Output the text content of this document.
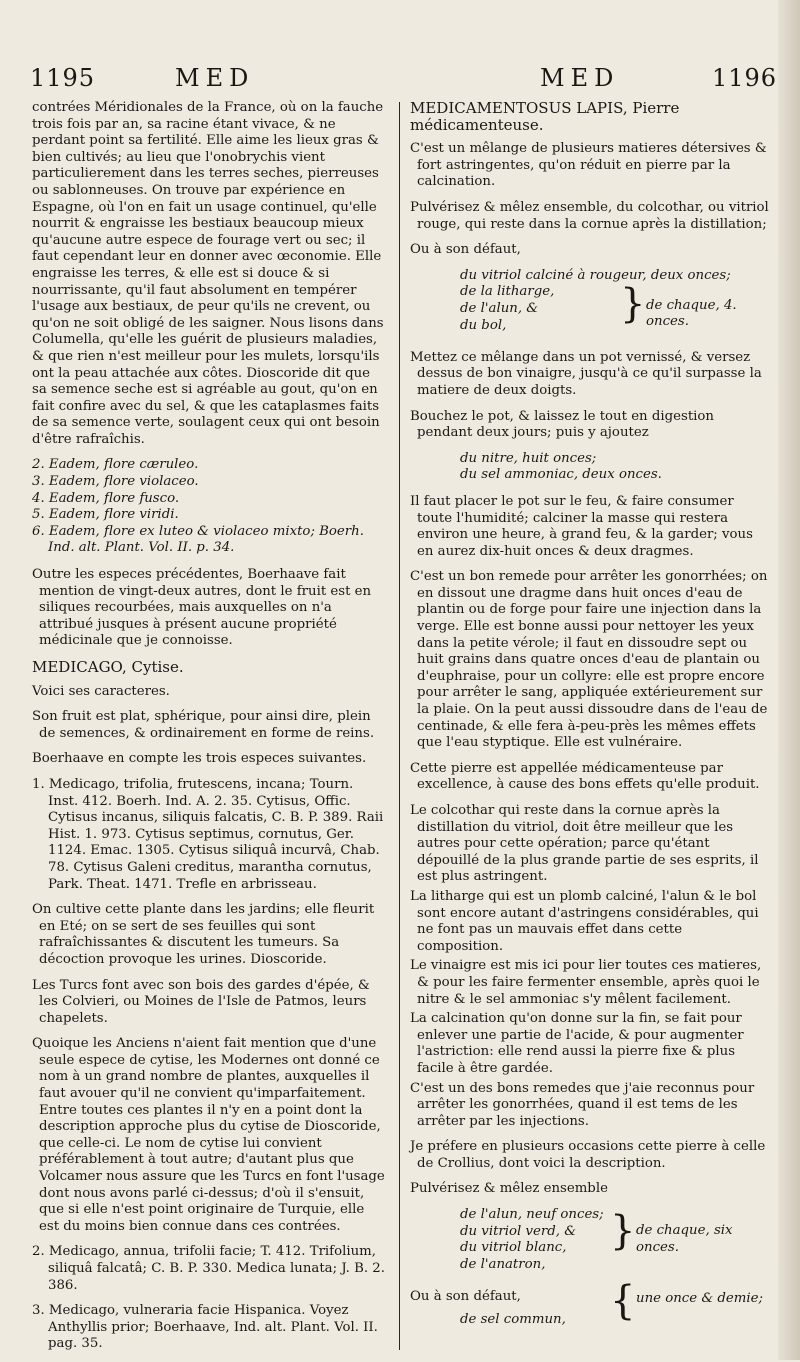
1195	MED	MED	1196

contrées Méridionales de la France, où on la fauche trois fois par an, sa racine étant vivace, & ne perdant point sa fertilité. Elle aime les lieux gras & bien cultivés; au lieu que l'onobrychis vient particulierement dans les terres seches, pierreuses ou sablonneuses. On trouve par expérience en Espagne, où l'on en fait un usage continuel, qu'elle nourrit & engraisse les bestiaux beaucoup mieux qu'aucune autre espece de fourage vert ou sec; il faut cependant leur en donner avec œconomie. Elle engraisse les terres, & elle est si douce & si nourrissante, qu'il faut absolument en tempérer l'usage aux bestiaux, de peur qu'ils ne crevent, ou qu'on ne soit obligé de les saigner. Nous lisons dans Columella, qu'elle les guérit de plusieurs maladies, & que rien n'est meilleur pour les mulets, lorsqu'ils ont la peau attachée aux côtes. Dioscoride dit que sa semence seche est si agréable au gout, qu'on en fait confire avec du sel, & que les cataplasmes faits de sa semence verte, soulagent ceux qui ont besoin d'être rafraîchis.

2. Eadem, flore cæruleo.
3. Eadem, flore violaceo.
4. Eadem, flore fusco.
5. Eadem, flore viridi.
6. Eadem, flore ex luteo & violaceo mixto; Boerh. Ind. alt. Plant. Vol. II. p. 34.

Outre les especes précédentes, Boerhaave fait mention de vingt-deux autres, dont le fruit est en siliques recourbées, mais auxquelles on n'a attribué jusques à présent aucune propriété médicinale que je connoisse.

MEDICAGO, Cytise.

Voici ses caracteres.

Son fruit est plat, sphérique, pour ainsi dire, plein de semences, & ordinairement en forme de reins.

Boerhaave en compte les trois especes suivantes.

1. Medicago, trifolia, frutescens, incana; Tourn. Inst. 412. Boerh. Ind. A. 2. 35. Cytisus, Offic. Cytisus incanus, siliquis falcatis, C. B. P. 389. Raii Hist. 1. 973. Cytisus septimus, cornutus, Ger. 1124. Emac. 1305. Cytisus siliquâ incurvâ, Chab. 78. Cytisus Galeni creditus, marantha cornutus, Park. Theat. 1471. Trefle en arbrisseau.

On cultive cette plante dans les jardins; elle fleurit en Eté; on se sert de ses feuilles qui sont rafraîchissantes & discutent les tumeurs. Sa décoction provoque les urines. Dioscoride.

Les Turcs font avec son bois des gardes d'épée, & les Colvieri, ou Moines de l'Isle de Patmos, leurs chapelets.

Quoique les Anciens n'aient fait mention que d'une seule espece de cytise, les Modernes ont donné ce nom à un grand nombre de plantes, auxquelles il faut avouer qu'il ne convient qu'imparfaitement. Entre toutes ces plantes il n'y en a point dont la description approche plus du cytise de Dioscoride, que celle-ci. Le nom de cytise lui convient préférablement à tout autre; d'autant plus que Volcamer nous assure que les Turcs en font l'usage dont nous avons parlé ci-dessus; d'où il s'ensuit, que si elle n'est point originaire de Turquie, elle est du moins bien connue dans ces contrées.

2. Medicago, annua, trifolii facie; T. 412. Trifolium, siliquâ falcatâ; C. B. P. 330. Medica lunata; J. B. 2. 386.

3. Medicago, vulneraria facie Hispanica. Voyez Anthyllis prior; Boerhaave, Ind. alt. Plant. Vol. II. pag. 35.

MEDICAMENTOSUS LAPIS, Pierre médicamenteuse.

C'est un mêlange de plusieurs matieres détersives & fort astringentes, qu'on réduit en pierre par la calcination.

Pulvérisez & mêlez ensemble, du colcothar, ou vitriol rouge, qui reste dans la cornue après la distillation;

Ou à son défaut,

du vitriol calciné à rougeur, deux onces;
de la litharge,
de l'alun, &
du bol,	} de chaque, 4. onces.

Mettez ce mêlange dans un pot vernissé, & versez dessus de bon vinaigre, jusqu'à ce qu'il surpasse la matiere de deux doigts.

Bouchez le pot, & laissez le tout en digestion pendant deux jours; puis y ajoutez

du nitre, huit onces;
du sel ammoniac, deux onces.

Il faut placer le pot sur le feu, & faire consumer toute l'humidité; calciner la masse qui restera environ une heure, à grand feu, & la garder; vous en aurez dix-huit onces & deux dragmes.

C'est un bon remede pour arrêter les gonorrhées; on en dissout une dragme dans huit onces d'eau de plantin ou de forge pour faire une injection dans la verge. Elle est bonne aussi pour nettoyer les yeux dans la petite vérole; il faut en dissoudre sept ou huit grains dans quatre onces d'eau de plantain ou d'euphraise, pour un collyre: elle est propre encore pour arrêter le sang, appliquée extérieurement sur la plaie. On la peut aussi dissoudre dans de l'eau de centinade, & elle fera à-peu-près les mêmes effets que l'eau styptique. Elle est vulnéraire.

Cette pierre est appellée médicamenteuse par excellence, à cause des bons effets qu'elle produit.

Le colcothar qui reste dans la cornue après la distillation du vitriol, doit être meilleur que les autres pour cette opération; parce qu'étant dépouillé de la plus grande partie de ses esprits, il est plus astringent.

La litharge qui est un plomb calciné, l'alun & le bol sont encore autant d'astringens considérables, qui ne font pas un mauvais effet dans cette composition.

Le vinaigre est mis ici pour lier toutes ces matieres, & pour les faire fermenter ensemble, après quoi le nitre & le sel ammoniac s'y mêlent facilement.

La calcination qu'on donne sur la fin, se fait pour enlever une partie de l'acide, & pour augmenter l'astriction: elle rend aussi la pierre fixe & plus facile à être gardée.

C'est un des bons remedes que j'aie reconnus pour arrêter les gonorrhées, quand il est tems de les arrêter par les injections.

Je préfere en plusieurs occasions cette pierre à celle de Crollius, dont voici la description.

Pulvérisez & mêlez ensemble

de l'alun, neuf onces;
du vitriol verd, &
du vitriol blanc,
de l'anatron,
} de chaque, six onces.
Ou à son défaut,
de sel commun,	{ une once & demie;
